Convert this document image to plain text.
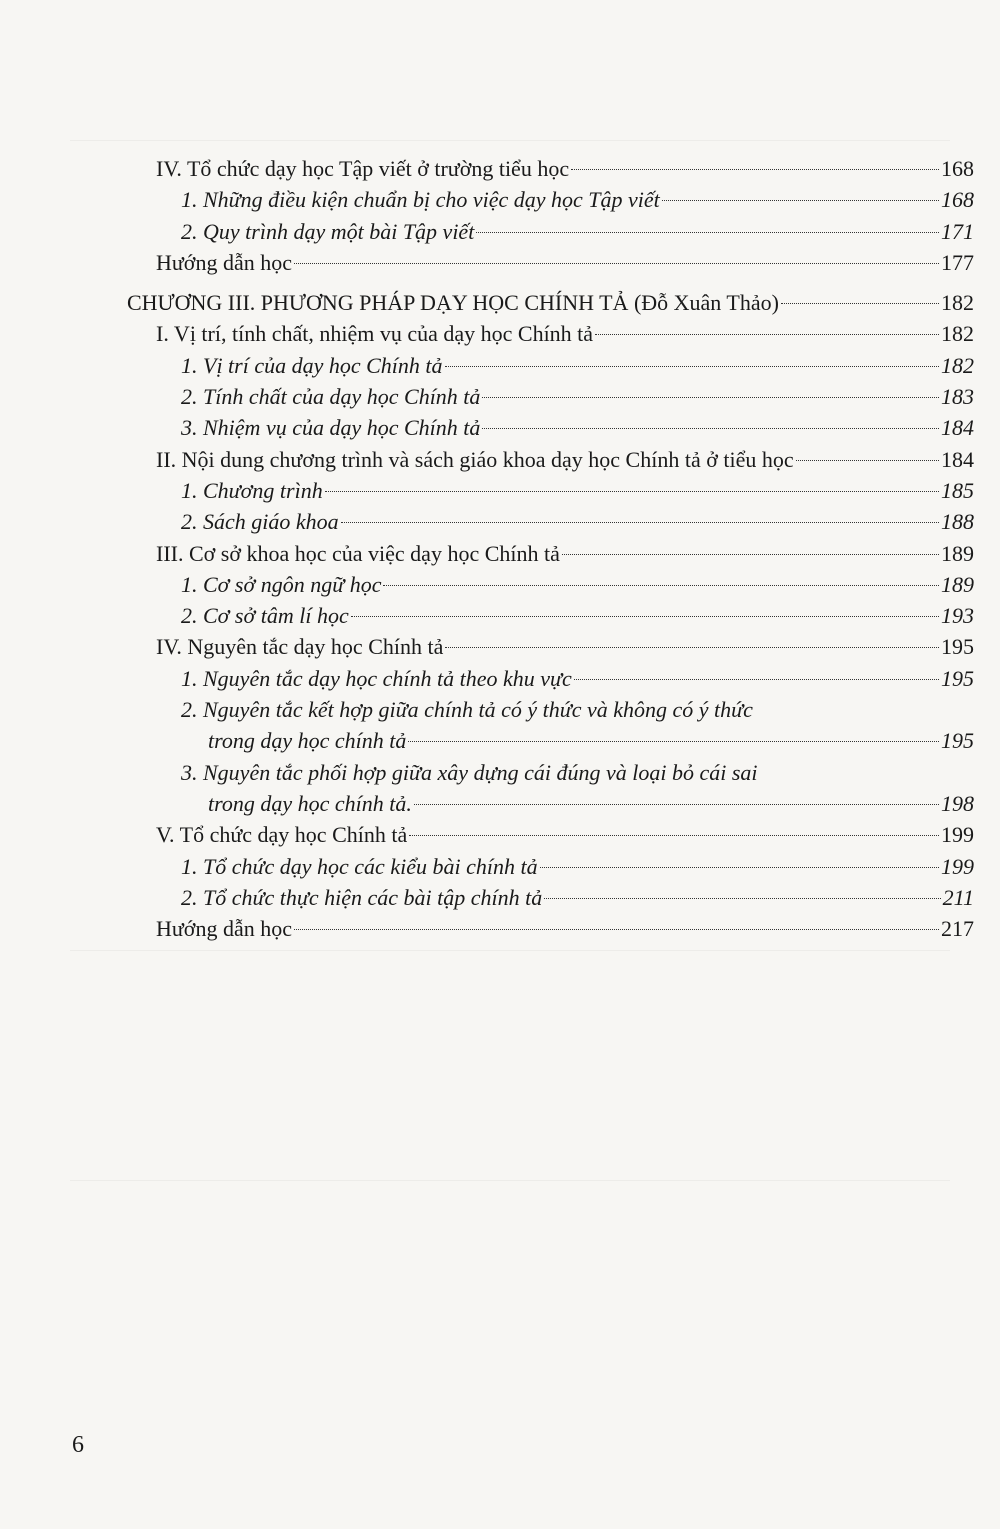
IV. Tổ chức dạy học Tập viết ở trường tiểu học	168
1. Những điều kiện chuẩn bị cho việc dạy học Tập viết	168
2. Quy trình dạy một bài Tập viết	171
Hướng dẫn học	177
CHƯƠNG III. PHƯƠNG PHÁP DẠY HỌC CHÍNH TẢ (Đỗ Xuân Thảo)	182
I. Vị trí, tính chất, nhiệm vụ của dạy học Chính tả	182
1. Vị trí của dạy học Chính tả	182
2. Tính chất của dạy học Chính tả	183
3. Nhiệm vụ của dạy học Chính tả	184
II. Nội dung chương trình và sách giáo khoa dạy học Chính tả ở tiểu học	184
1. Chương trình	185
2. Sách giáo khoa	188
III. Cơ sở khoa học của việc dạy học Chính tả	189
1. Cơ sở ngôn ngữ học	189
2. Cơ sở tâm lí học	193
IV. Nguyên tắc dạy học Chính tả	195
1. Nguyên tắc dạy học chính tả theo khu vực	195
2. Nguyên tắc kết hợp giữa chính tả có ý thức và không có ý thức
trong dạy học chính tả	195
3. Nguyên tắc phối hợp giữa xây dựng cái đúng và loại bỏ cái sai
trong dạy học chính tả.	198
V. Tổ chức dạy học Chính tả	199
1. Tổ chức dạy học các kiểu bài chính tả	199
2. Tổ chức thực hiện các bài tập chính tả	211
Hướng dẫn học	217
6
